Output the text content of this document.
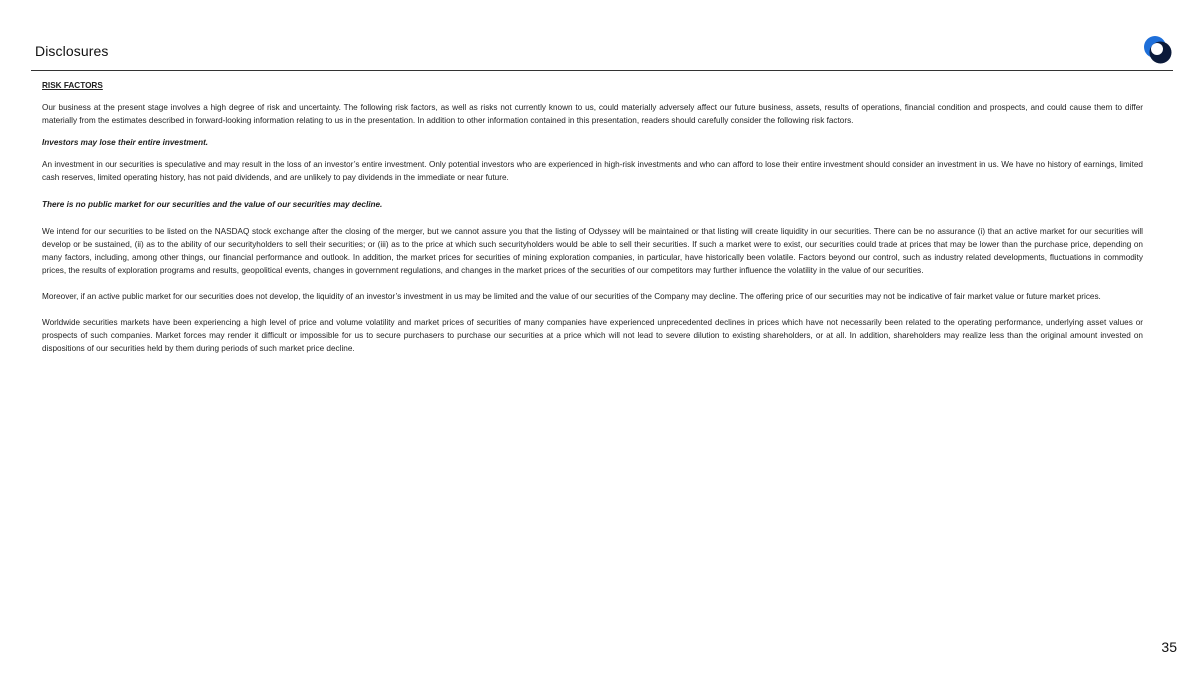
Disclosures
RISK FACTORS
Our business at the present stage involves a high degree of risk and uncertainty. The following risk factors, as well as risks not currently known to us, could materially adversely affect our future business, assets, results of operations, financial condition and prospects, and could cause them to differ materially from the estimates described in forward-looking information relating to us in the presentation. In addition to other information contained in this presentation, readers should carefully consider the following risk factors.
Investors may lose their entire investment.
An investment in our securities is speculative and may result in the loss of an investor’s entire investment. Only potential investors who are experienced in high-risk investments and who can afford to lose their entire investment should consider an investment in us. We have no history of earnings, limited cash reserves, limited operating history, has not paid dividends, and are unlikely to pay dividends in the immediate or near future.
There is no public market for our securities and the value of our securities may decline.
We intend for our securities to be listed on the NASDAQ stock exchange after the closing of the merger, but we cannot assure you that the listing of Odyssey will be maintained or that listing will create liquidity in our securities. There can be no assurance (i) that an active market for our securities will develop or be sustained, (ii) as to the ability of our securityholders to sell their securities; or (iii) as to the price at which such securityholders would be able to sell their securities. If such a market were to exist, our securities could trade at prices that may be lower than the purchase price, depending on many factors, including, among other things, our financial performance and outlook. In addition, the market prices for securities of mining exploration companies, in particular, have historically been volatile. Factors beyond our control, such as industry related developments, fluctuations in commodity prices, the results of exploration programs and results, geopolitical events, changes in government regulations, and changes in the market prices of the securities of our competitors may further influence the volatility in the value of our securities.
Moreover, if an active public market for our securities does not develop, the liquidity of an investor’s investment in us may be limited and the value of our securities of the Company may decline. The offering price of our securities may not be indicative of fair market value or future market prices.
Worldwide securities markets have been experiencing a high level of price and volume volatility and market prices of securities of many companies have experienced unprecedented declines in prices which have not necessarily been related to the operating performance, underlying asset values or prospects of such companies. Market forces may render it difficult or impossible for us to secure purchasers to purchase our securities at a price which will not lead to severe dilution to existing shareholders, or at all. In addition, shareholders may realize less than the original amount invested on dispositions of our securities held by them during periods of such market price decline.
35
